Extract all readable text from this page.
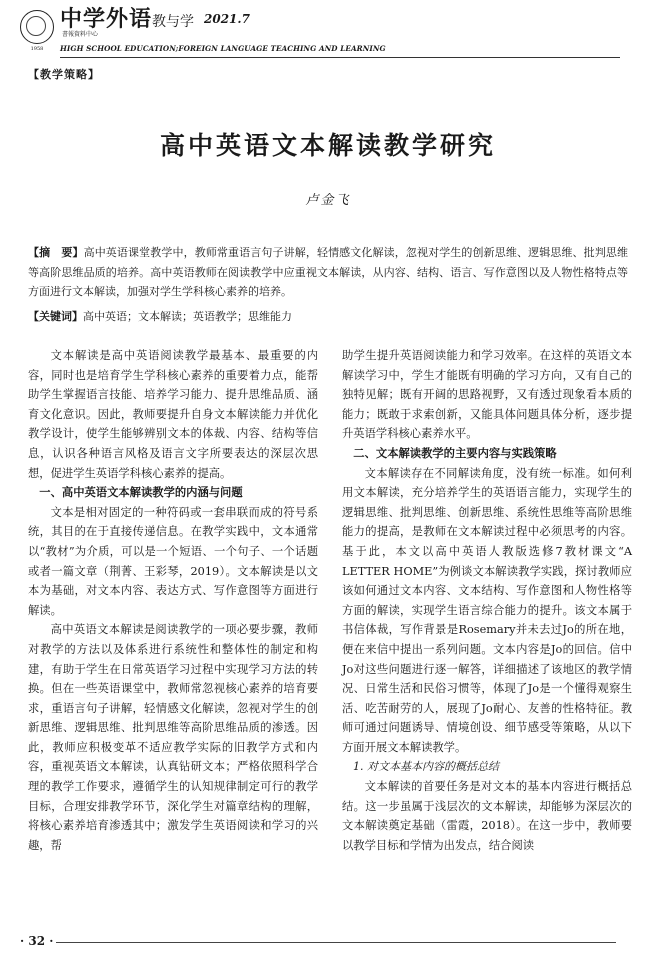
1958
中学外语教与学
書報資料中心
2021.7
HIGH SCHOOL EDUCATION;FOREIGN LANGUAGE TEACHING AND LEARNING
【教学策略】
高中英语文本解读教学研究
卢金飞

【摘　要】高中英语课堂教学中，教师常重语言句子讲解，轻情感文化解读，忽视对学生的创新思维、逻辑思维、批判思维等高阶思维品质的培养。高中英语教师在阅读教学中应重视文本解读，从内容、结构、语言、写作意图以及人物性格特点等方面进行文本解读，加强对学生学科核心素养的培养。

【关键词】高中英语；文本解读；英语教学；思维能力

文本解读是高中英语阅读教学最基本、最重要的内容，同时也是培育学生学科核心素养的重要着力点，能帮助学生掌握语言技能、培养学习能力、提升思维品质、涵育文化意识。因此，教师要提升自身文本解读能力并优化教学设计，使学生能够辨别文本的体裁、内容、结构等信息，认识各种语言风格及语言文字所要表达的深层次思想，促进学生英语学科核心素养的提高。

一、高中英语文本解读教学的内涵与问题

文本是相对固定的一种符码或一套串联而成的符号系统，其目的在于直接传递信息。在教学实践中，文本通常以“教材”为介质，可以是一个短语、一个句子、一个话题或者一篇文章（荆菁、王彩琴，2019）。文本解读是以文本为基础，对文本内容、表达方式、写作意图等方面进行解读。

高中英语文本解读是阅读教学的一项必要步骤，教师对教学的方法以及体系进行系统性和整体性的制定和构建，有助于学生在日常英语学习过程中实现学习方法的转换。但在一些英语课堂中，教师常忽视核心素养的培育要求，重语言句子讲解，轻情感文化解读，忽视对学生的创新思维、逻辑思维、批判思维等高阶思维品质的渗透。因此，教师应积极变革不适应教学实际的旧教学方式和内容，重视英语文本解读，认真钻研文本；严格依照科学合理的教学工作要求，遵循学生的认知规律制定可行的教学目标，合理安排教学环节，深化学生对篇章结构的理解，将核心素养培育渗透其中；激发学生英语阅读和学习的兴趣，帮

助学生提升英语阅读能力和学习效率。在这样的英语文本解读学习中，学生才能既有明确的学习方向，又有自己的独特见解；既有开阔的思路视野，又有透过现象看本质的能力；既敢于求索创新，又能具体问题具体分析，逐步提升英语学科核心素养水平。

二、文本解读教学的主要内容与实践策略

文本解读存在不同解读角度，没有统一标准。如何利用文本解读，充分培养学生的英语语言能力，实现学生的逻辑思维、批判思维、创新思维、系统性思维等高阶思维能力的提高，是教师在文本解读过程中必须思考的内容。基于此，本文以高中英语人教版选修7教材课文“A LETTER HOME”为例谈文本解读教学实践，探讨教师应该如何通过文本内容、文本结构、写作意图和人物性格等方面的解读，实现学生语言综合能力的提升。该文本属于书信体裁，写作背景是Rosemary并未去过Jo的所在地，便在来信中提出一系列问题。文本内容是Jo的回信。信中Jo对这些问题进行逐一解答，详细描述了该地区的教学情况、日常生活和民俗习惯等，体现了Jo是一个懂得观察生活、吃苦耐劳的人，展现了Jo耐心、友善的性格特征。教师可通过问题诱导、情境创设、细节感受等策略，从以下方面开展文本解读教学。

1. 对文本基本内容的概括总结

文本解读的首要任务是对文本的基本内容进行概括总结。这一步虽属于浅层次的文本解读，却能够为深层次的文本解读奠定基础（雷霞，2018）。在这一步中，教师要以教学目标和学情为出发点，结合阅读

· 32 ·
